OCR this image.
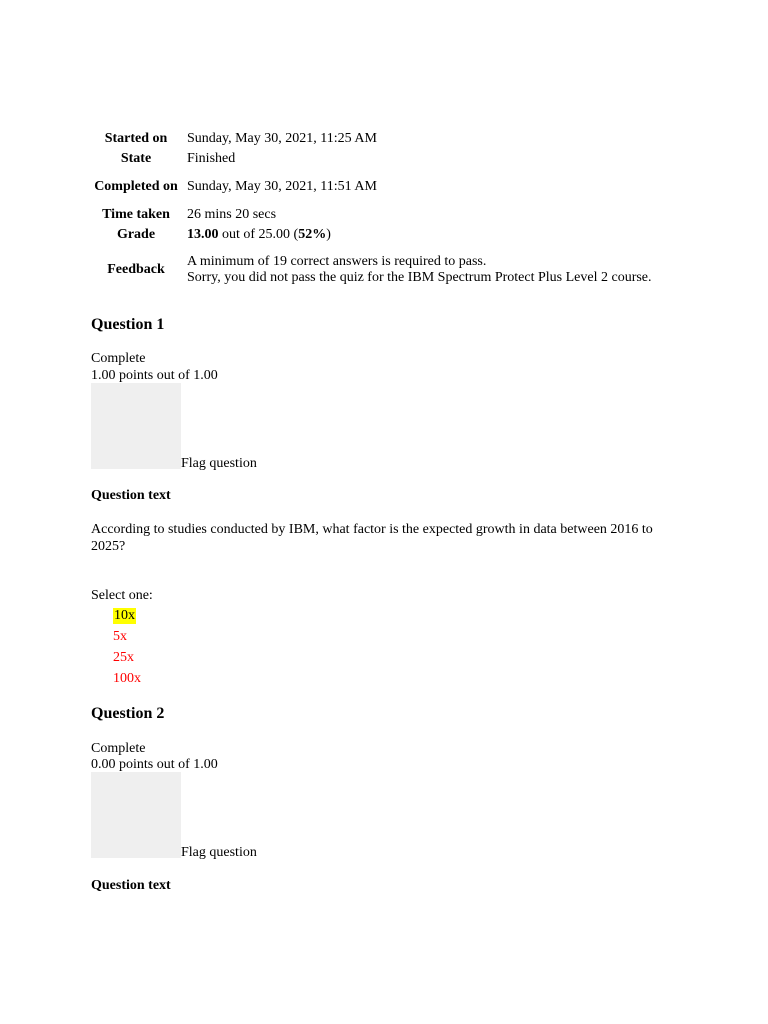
Started on	Sunday, May 30, 2021, 11:25 AM
State	Finished
Completed on	Sunday, May 30, 2021, 11:51 AM
Time taken	26 mins 20 secs
Grade	13.00 out of 25.00 (52%)
Feedback	A minimum of 19 correct answers is required to pass.
Sorry, you did not pass the quiz for the IBM Spectrum Protect Plus Level 2 course.
Question 1
Complete
1.00 points out of 1.00
Flag question
Question text
According to studies conducted by IBM, what factor is the expected growth in data between 2016 to 2025?
Select one:
10x
5x
25x
100x
Question 2
Complete
0.00 points out of 1.00
Flag question
Question text
